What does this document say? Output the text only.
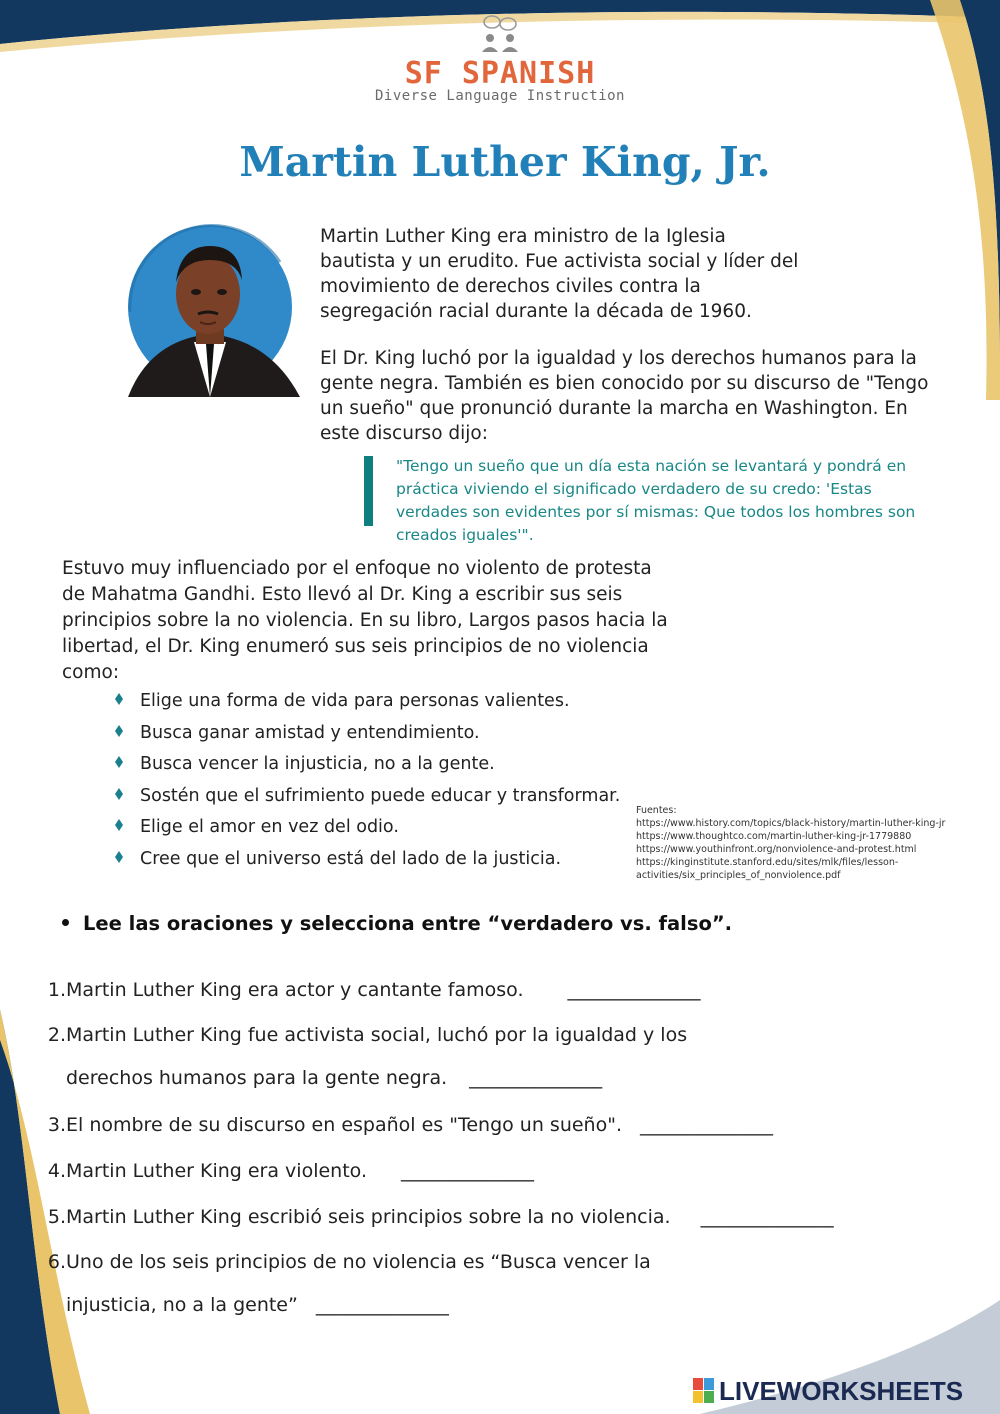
SF SPANISH
Diverse Language Instruction
Martin Luther King, Jr.
Martin Luther King era ministro de la Iglesia bautista y un erudito. Fue activista social y líder del movimiento de derechos civiles contra la segregación racial durante la década de 1960.
El Dr. King luchó por la igualdad y los derechos humanos para la gente negra. También es bien conocido por su discurso de "Tengo un sueño" que pronunció durante la marcha en Washington. En este discurso dijo:
"Tengo un sueño que un día esta nación se levantará y pondrá en práctica viviendo el significado verdadero de su credo: 'Estas verdades son evidentes por sí mismas: Que todos los hombres son creados iguales'".
Estuvo muy influenciado por el enfoque no violento de protesta de Mahatma Gandhi. Esto llevó al Dr. King a escribir sus seis principios sobre la no violencia. En su libro, Largos pasos hacia la libertad, el Dr. King enumeró sus seis principios de no violencia como:
Elige una forma de vida para personas valientes.
Busca ganar amistad y entendimiento.
Busca vencer la injusticia, no a la gente.
Sostén que el sufrimiento puede educar y transformar.
Elige el amor en vez del odio.
Cree que el universo está del lado de la justicia.
Fuentes:
https://www.history.com/topics/black-history/martin-luther-king-jr
https://www.thoughtco.com/martin-luther-king-jr-1779880
https://www.youthinfront.org/nonviolence-and-protest.html
https://kinginstitute.stanford.edu/sites/mlk/files/lesson-
activities/six_principles_of_nonviolence.pdf
Lee las oraciones y selecciona entre “verdadero vs. falso”.
1.Martin Luther King era actor y cantante famoso. ______________
2.Martin Luther King fue activista social, luchó por la igualdad y los
derechos humanos para la gente negra. ______________
3.El nombre de su discurso en español es "Tengo un sueño". ______________
4.Martin Luther King era violento. ______________
5.Martin Luther King escribió seis principios sobre la no violencia. ______________
6.Uno de los seis principios de no violencia es “Busca vencer la
injusticia, no a la gente” ______________
LIVEWORKSHEETS
